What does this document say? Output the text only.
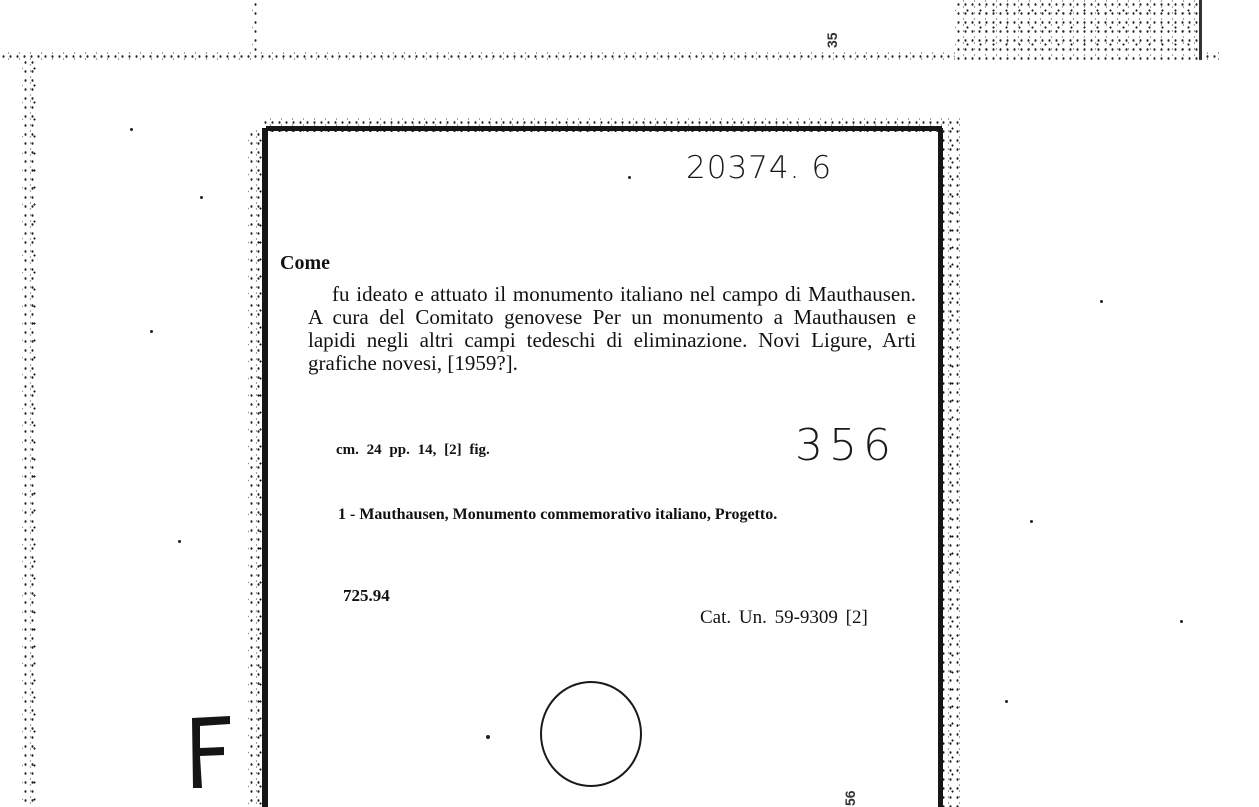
35
56
20374. 6
Come

fu ideato e attuato il monumento italiano nel campo di Mauthausen. A cura del Comitato genovese Per un monumento a Mauthausen e lapidi negli altri campi tedeschi di eliminazione. Novi Ligure, Arti grafiche novesi, [1959?].

cm. 24 pp. 14, [2] fig.	356
1 - Mauthausen, Monumento commemorativo italiano, Progetto.
725.94
Cat. Un. 59-9309 [2]
